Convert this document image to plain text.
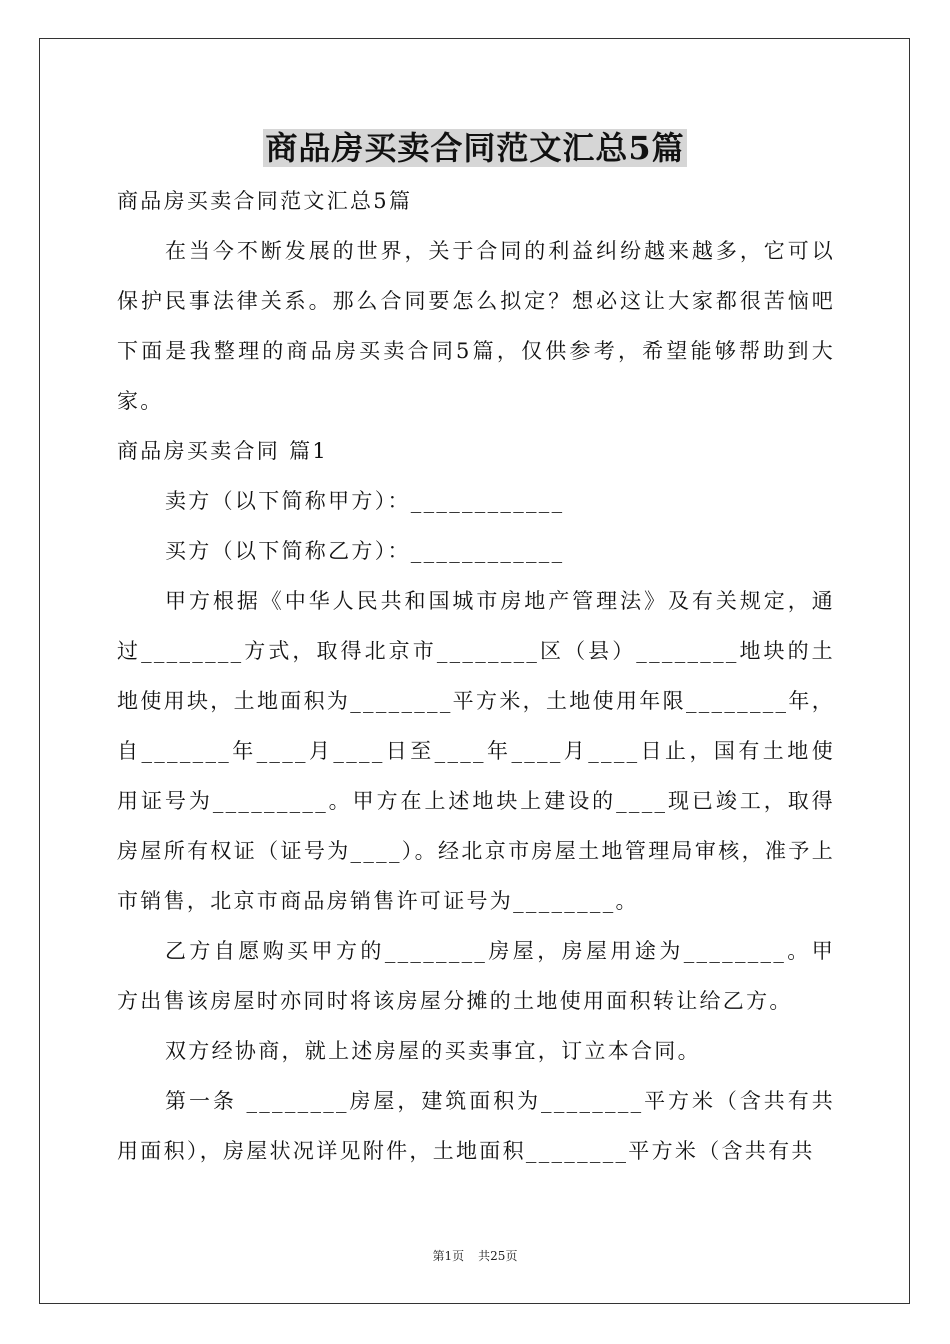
商品房买卖合同范文汇总5篇

商品房买卖合同范文汇总5篇

在当今不断发展的世界，关于合同的利益纠纷越来越多，它可以保护民事法律关系。那么合同要怎么拟定？想必这让大家都很苦恼吧下面是我整理的商品房买卖合同5篇，仅供参考，希望能够帮助到大家。

商品房买卖合同 篇1

卖方（以下简称甲方）：____________

买方（以下简称乙方）：____________

甲方根据《中华人民共和国城市房地产管理法》及有关规定，通过________方式，取得北京市________区（县）________地块的土地使用块，土地面积为________平方米，土地使用年限________年，自_______年____月____日至____年____月____日止，国有土地使用证号为_________。甲方在上述地块上建设的____现已竣工，取得房屋所有权证（证号为____）。经北京市房屋土地管理局审核，准予上市销售，北京市商品房销售许可证号为________。

乙方自愿购买甲方的________房屋，房屋用途为________。甲方出售该房屋时亦同时将该房屋分摊的土地使用面积转让给乙方。

双方经协商，就上述房屋的买卖事宜，订立本合同。

第一条 ________房屋，建筑面积为________平方米（含共有共用面积），房屋状况详见附件，土地面积________平方米（含共有共

第1页 共25页
